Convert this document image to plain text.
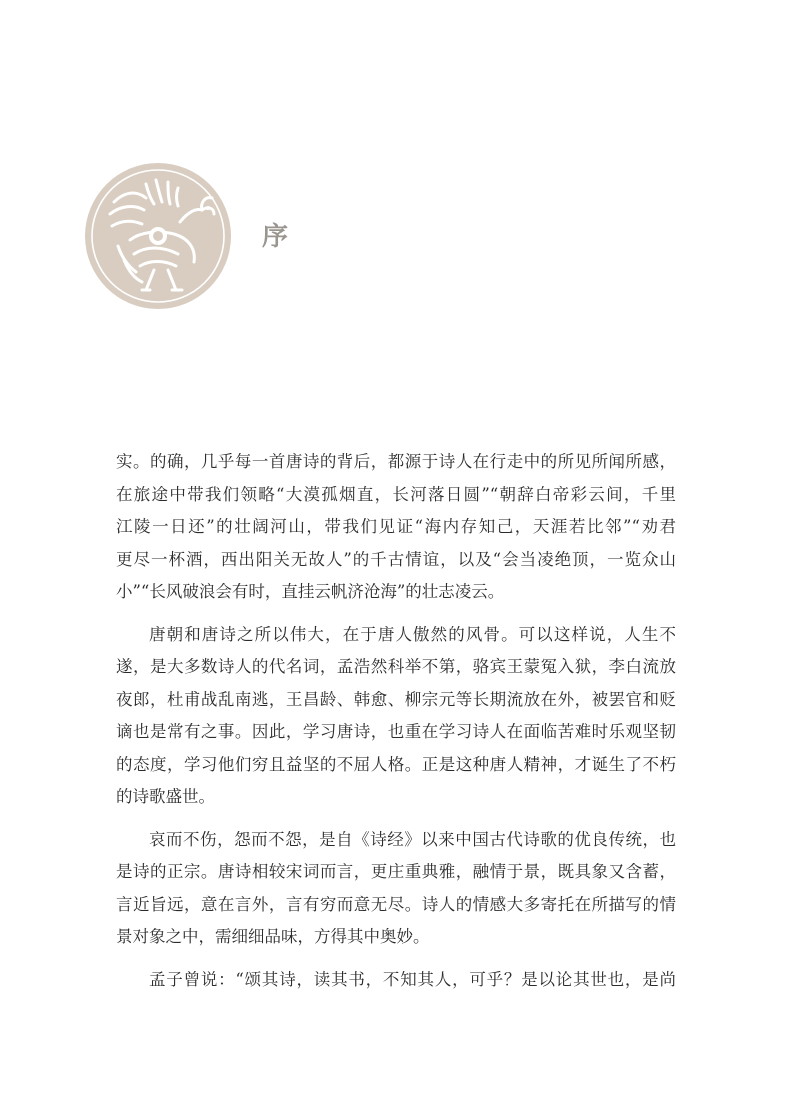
序
实。的确，几乎每一首唐诗的背后，都源于诗人在行走中的所见所闻所感，
在旅途中带我们领略“大漠孤烟直，长河落日圆”“朝辞白帝彩云间，千里
江陵一日还”的壮阔河山，带我们见证“海内存知己，天涯若比邻”“劝君
更尽一杯酒，西出阳关无故人”的千古情谊，以及“会当凌绝顶，一览众山
小”“长风破浪会有时，直挂云帆济沧海”的壮志凌云。
唐朝和唐诗之所以伟大，在于唐人傲然的风骨。可以这样说，人生不
遂，是大多数诗人的代名词，孟浩然科举不第，骆宾王蒙冤入狱，李白流放
夜郎，杜甫战乱南逃，王昌龄、韩愈、柳宗元等长期流放在外，被罢官和贬
谪也是常有之事。因此，学习唐诗，也重在学习诗人在面临苦难时乐观坚韧
的态度，学习他们穷且益坚的不屈人格。正是这种唐人精神，才诞生了不朽
的诗歌盛世。
哀而不伤，怨而不怨，是自《诗经》以来中国古代诗歌的优良传统，也
是诗的正宗。唐诗相较宋词而言，更庄重典雅，融情于景，既具象又含蓄，
言近旨远，意在言外，言有穷而意无尽。诗人的情感大多寄托在所描写的情
景对象之中，需细细品味，方得其中奥妙。
孟子曾说：“颂其诗，读其书，不知其人，可乎？是以论其世也，是尚
